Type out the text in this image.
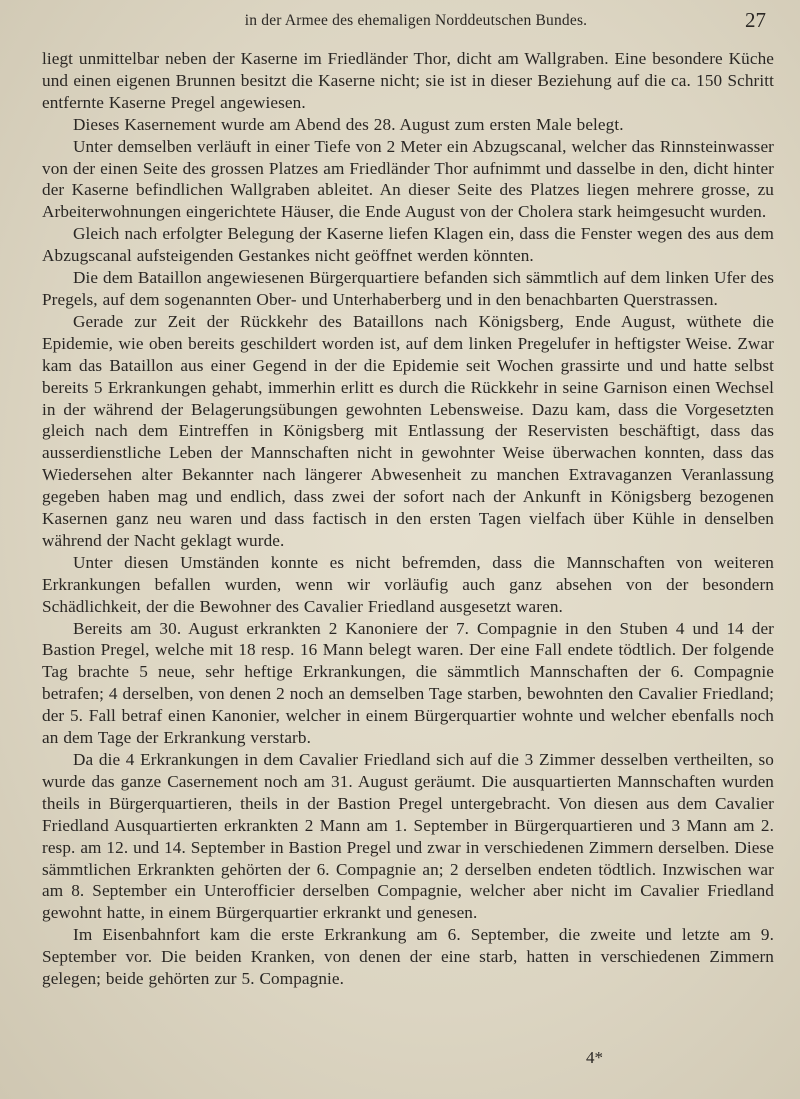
in der Armee des ehemaligen Norddeutschen Bundes.	27

liegt unmittelbar neben der Kaserne im Friedländer Thor, dicht am Wallgraben. Eine besondere Küche und einen eigenen Brunnen besitzt die Kaserne nicht; sie ist in dieser Beziehung auf die ca. 150 Schritt entfernte Kaserne Pregel angewiesen.

Dieses Kasernement wurde am Abend des 28. August zum ersten Male belegt.

Unter demselben verläuft in einer Tiefe von 2 Meter ein Abzugscanal, welcher das Rinnsteinwasser von der einen Seite des grossen Platzes am Friedländer Thor aufnimmt und dasselbe in den, dicht hinter der Kaserne befindlichen Wallgraben ableitet. An dieser Seite des Platzes liegen mehrere grosse, zu Arbeiterwohnungen eingerichtete Häuser, die Ende August von der Cholera stark heimgesucht wurden.

Gleich nach erfolgter Belegung der Kaserne liefen Klagen ein, dass die Fenster wegen des aus dem Abzugscanal aufsteigenden Gestankes nicht geöffnet werden könnten.

Die dem Bataillon angewiesenen Bürgerquartiere befanden sich sämmtlich auf dem linken Ufer des Pregels, auf dem sogenannten Ober- und Unterhaberberg und in den benachbarten Querstrassen.

Gerade zur Zeit der Rückkehr des Bataillons nach Königsberg, Ende August, wüthete die Epidemie, wie oben bereits geschildert worden ist, auf dem linken Pregelufer in heftigster Weise. Zwar kam das Bataillon aus einer Gegend in der die Epidemie seit Wochen grassirte und und hatte selbst bereits 5 Erkrankungen gehabt, immerhin erlitt es durch die Rückkehr in seine Garnison einen Wechsel in der während der Belagerungsübungen gewohnten Lebensweise. Dazu kam, dass die Vorgesetzten gleich nach dem Eintreffen in Königsberg mit Entlassung der Reservisten beschäftigt, dass das ausserdienstliche Leben der Mannschaften nicht in gewohnter Weise überwachen konnten, dass das Wiedersehen alter Bekannter nach längerer Abwesenheit zu manchen Extravaganzen Veranlassung gegeben haben mag und endlich, dass zwei der sofort nach der Ankunft in Königsberg bezogenen Kasernen ganz neu waren und dass factisch in den ersten Tagen vielfach über Kühle in denselben während der Nacht geklagt wurde.

Unter diesen Umständen konnte es nicht befremden, dass die Mannschaften von weiteren Erkrankungen befallen wurden, wenn wir vorläufig auch ganz absehen von der besondern Schädlichkeit, der die Bewohner des Cavalier Friedland ausgesetzt waren.

Bereits am 30. August erkrankten 2 Kanoniere der 7. Compagnie in den Stuben 4 und 14 der Bastion Pregel, welche mit 18 resp. 16 Mann belegt waren. Der eine Fall endete tödtlich. Der folgende Tag brachte 5 neue, sehr heftige Erkrankungen, die sämmtlich Mannschaften der 6. Compagnie betrafen; 4 derselben, von denen 2 noch an demselben Tage starben, bewohnten den Cavalier Friedland; der 5. Fall betraf einen Kanonier, welcher in einem Bürgerquartier wohnte und welcher ebenfalls noch an dem Tage der Erkrankung verstarb.

Da die 4 Erkrankungen in dem Cavalier Friedland sich auf die 3 Zimmer desselben vertheilten, so wurde das ganze Casernement noch am 31. August geräumt. Die ausquartierten Mannschaften wurden theils in Bürgerquartieren, theils in der Bastion Pregel untergebracht. Von diesen aus dem Cavalier Friedland Ausquartierten erkrankten 2 Mann am 1. September in Bürgerquartieren und 3 Mann am 2. resp. am 12. und 14. September in Bastion Pregel und zwar in verschiedenen Zimmern derselben. Diese sämmtlichen Erkrankten gehörten der 6. Compagnie an; 2 derselben endeten tödtlich. Inzwischen war am 8. September ein Unterofficier derselben Compagnie, welcher aber nicht im Cavalier Friedland gewohnt hatte, in einem Bürgerquartier erkrankt und genesen.

Im Eisenbahnfort kam die erste Erkrankung am 6. September, die zweite und letzte am 9. September vor. Die beiden Kranken, von denen der eine starb, hatten in verschiedenen Zimmern gelegen; beide gehörten zur 5. Compagnie.

4*
